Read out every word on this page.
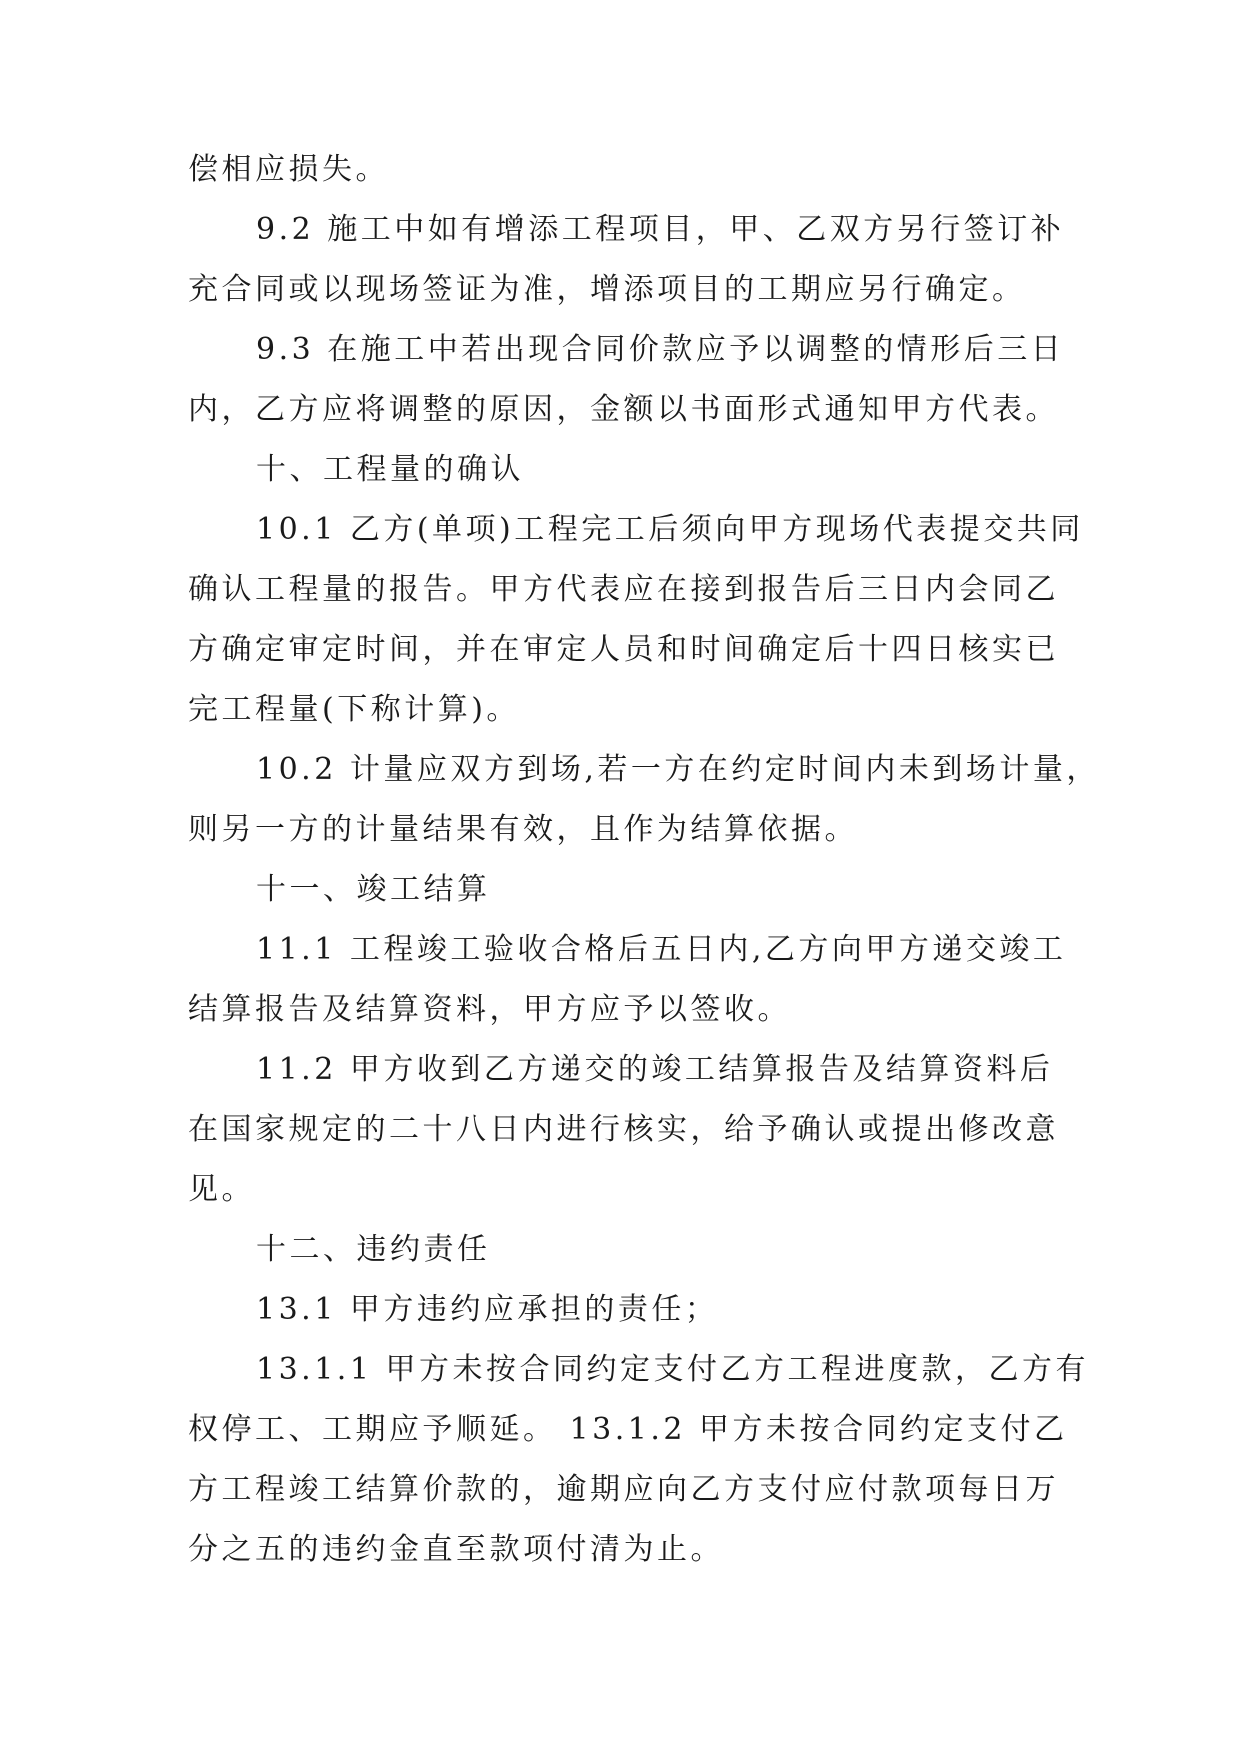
偿相应损失。
9.2 施工中如有增添工程项目，甲、乙双方另行签订补
充合同或以现场签证为准，增添项目的工期应另行确定。
9.3 在施工中若出现合同价款应予以调整的情形后三日
内，乙方应将调整的原因，金额以书面形式通知甲方代表。
十、工程量的确认
10.1 乙方(单项)工程完工后须向甲方现场代表提交共同
确认工程量的报告。甲方代表应在接到报告后三日内会同乙
方确定审定时间，并在审定人员和时间确定后十四日核实已
完工程量(下称计算)。
10.2 计量应双方到场,若一方在约定时间内未到场计量，
则另一方的计量结果有效，且作为结算依据。
十一、竣工结算
11.1 工程竣工验收合格后五日内,乙方向甲方递交竣工
结算报告及结算资料，甲方应予以签收。
11.2 甲方收到乙方递交的竣工结算报告及结算资料后
在国家规定的二十八日内进行核实，给予确认或提出修改意
见。
十二、违约责任
13.1 甲方违约应承担的责任；
13.1.1 甲方未按合同约定支付乙方工程进度款，乙方有
权停工、工期应予顺延。 13.1.2 甲方未按合同约定支付乙
方工程竣工结算价款的，逾期应向乙方支付应付款项每日万
分之五的违约金直至款项付清为止。
